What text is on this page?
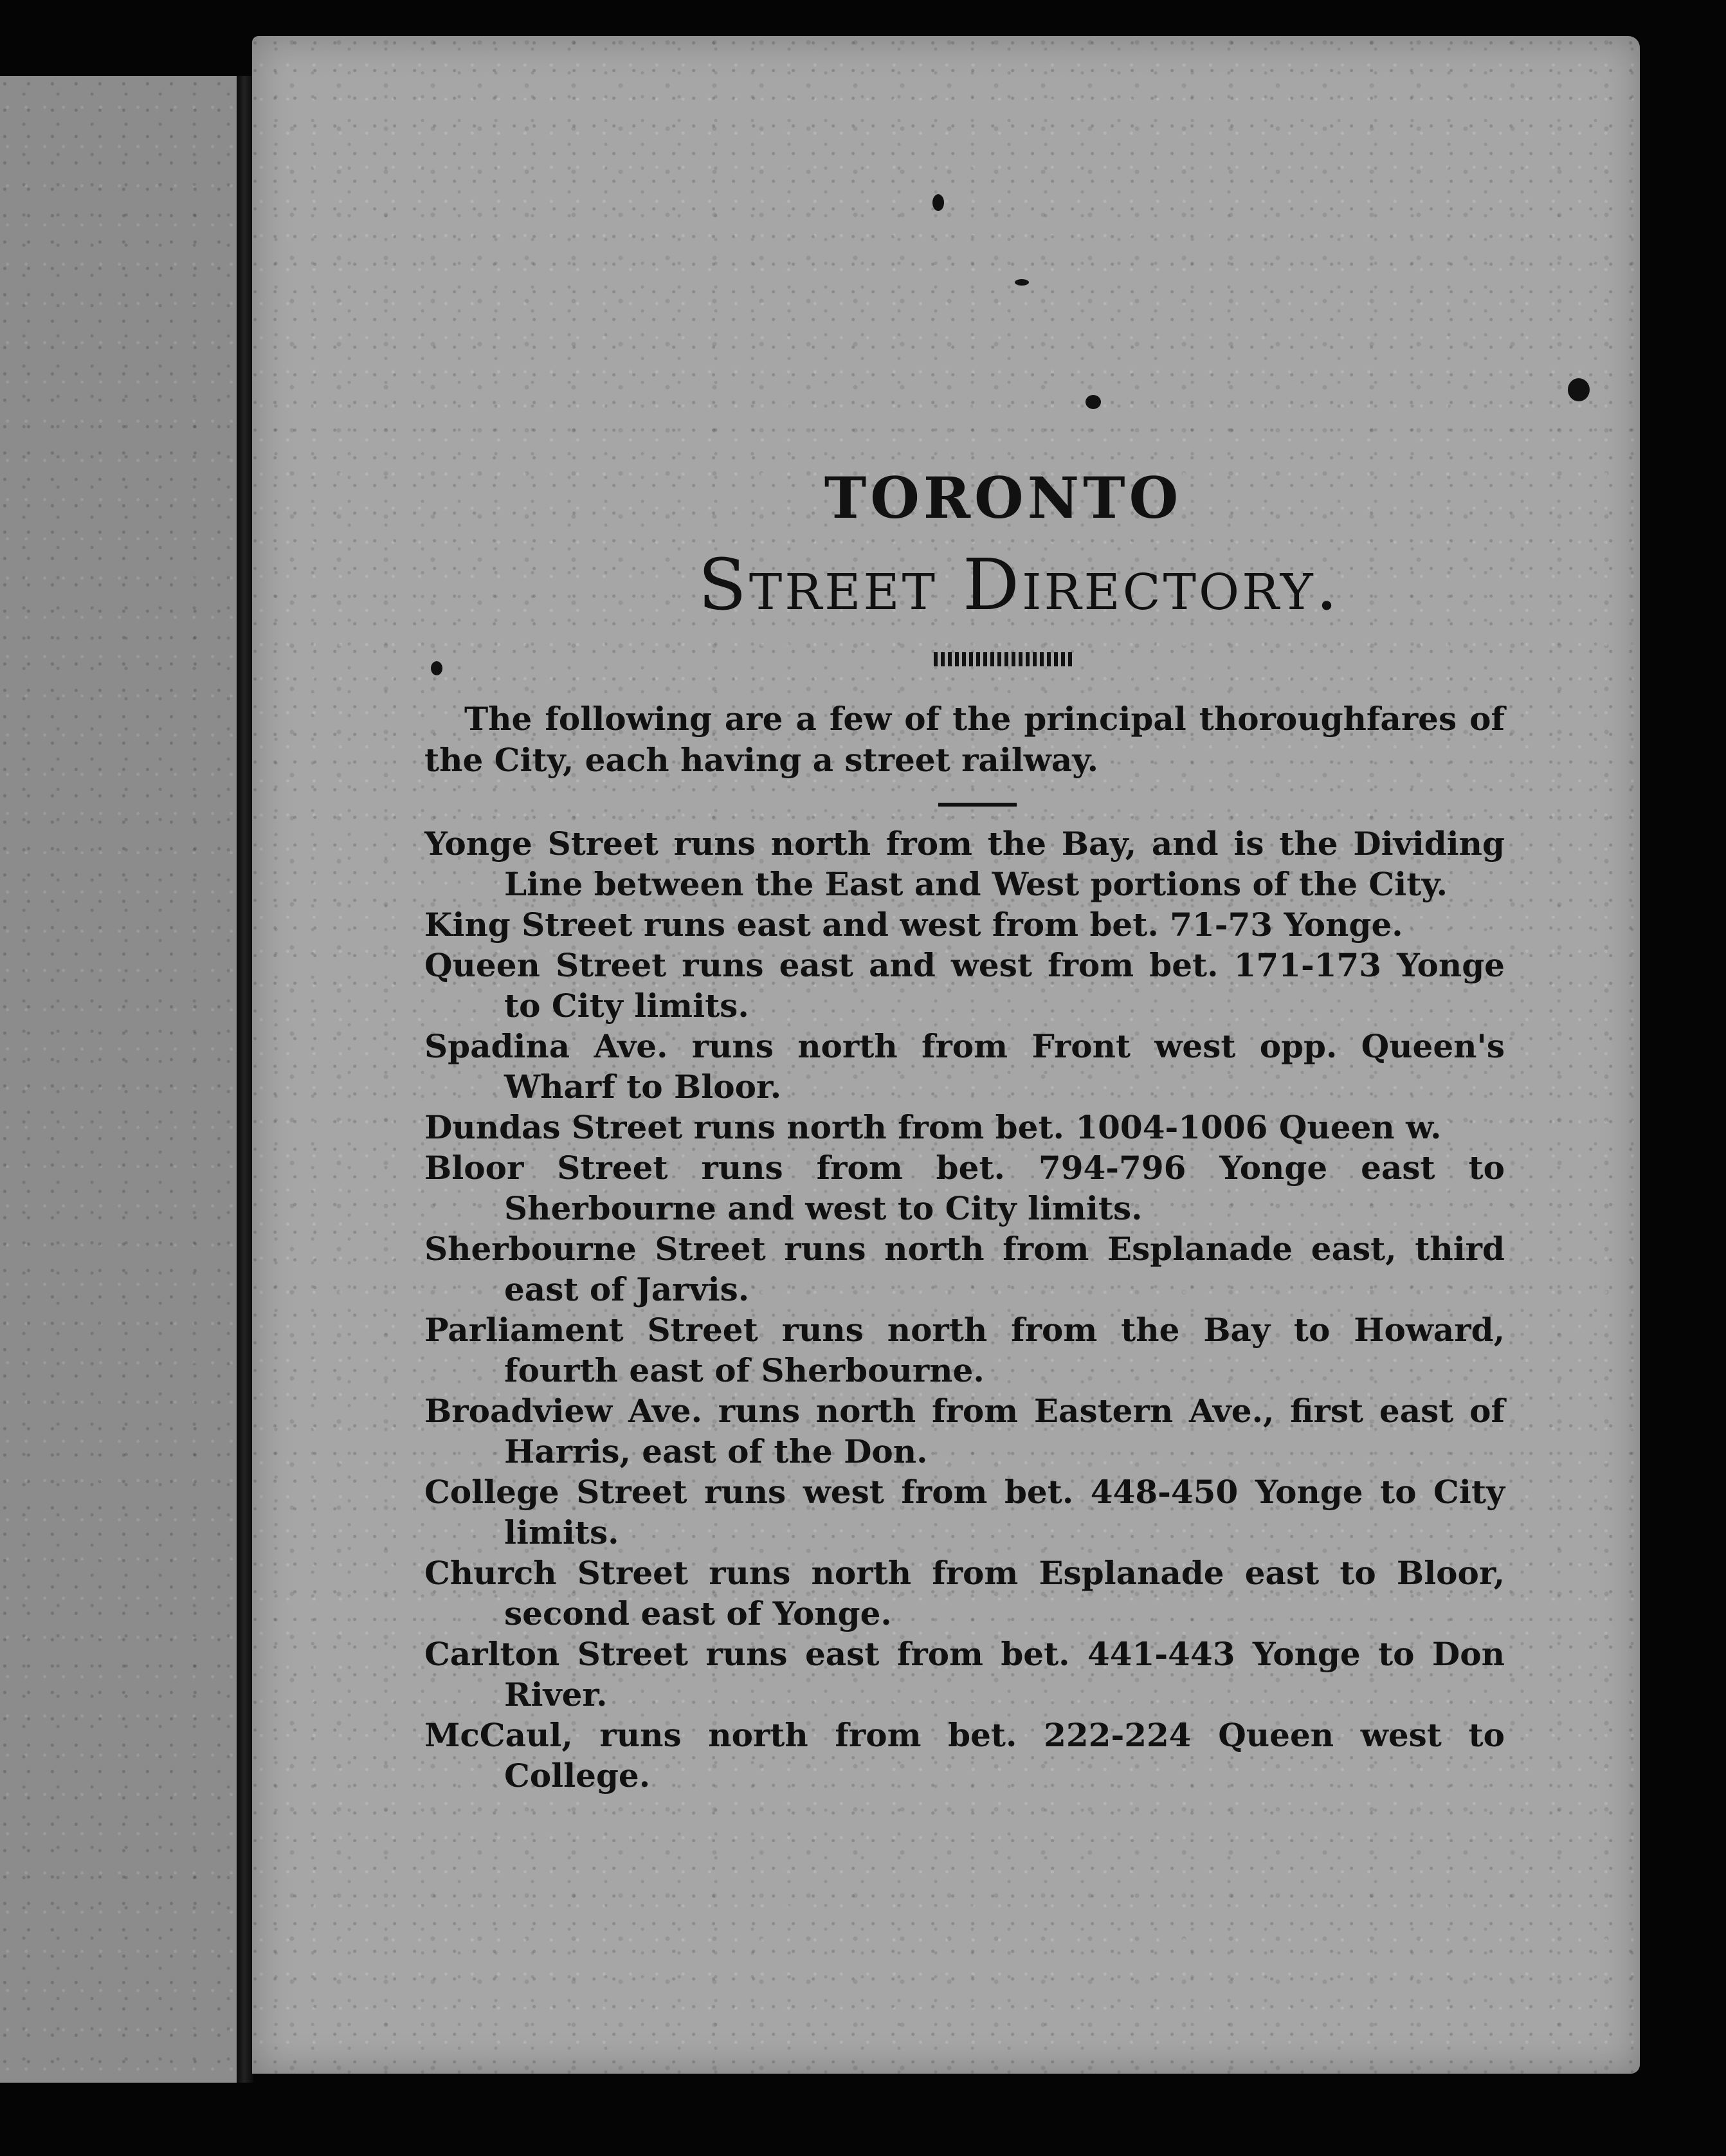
TORONTO
Street Directory.

The following are a few of the principal thoroughfares of the City, each having a street railway.

Yonge Street runs north from the Bay, and is the Dividing Line between the East and West portions of the City.

King Street runs east and west from bet. 71-73 Yonge.

Queen Street runs east and west from bet. 171-173 Yonge to City limits.

Spadina Ave. runs north from Front west opp. Queen's Wharf to Bloor.

Dundas Street runs north from bet. 1004-1006 Queen w.

Bloor Street runs from bet. 794-796 Yonge east to Sherbourne and west to City limits.

Sherbourne Street runs north from Esplanade east, third east of Jarvis.

Parliament Street runs north from the Bay to Howard, fourth east of Sherbourne.

Broadview Ave. runs north from Eastern Ave., first east of Harris, east of the Don.

College Street runs west from bet. 448-450 Yonge to City limits.

Church Street runs north from Esplanade east to Bloor, second east of Yonge.

Carlton Street runs east from bet. 441-443 Yonge to Don River.

McCaul, runs north from bet. 222-224 Queen west to College.
